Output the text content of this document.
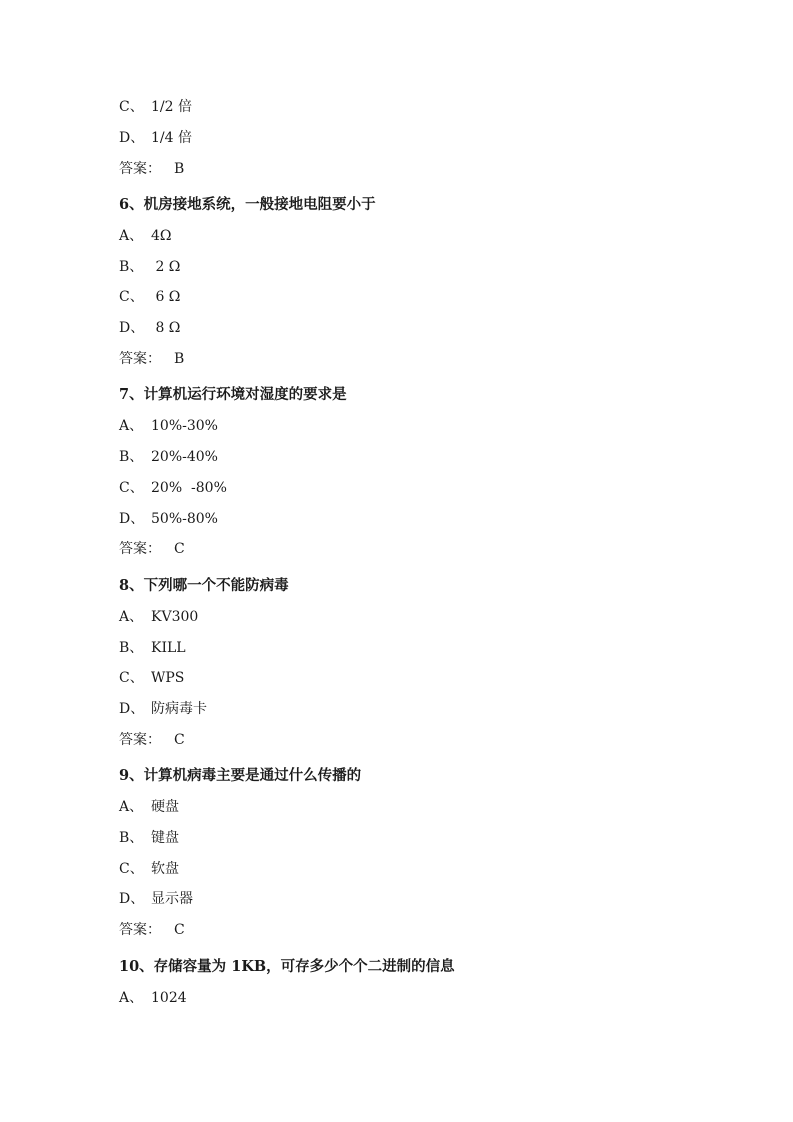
C、 1/2 倍
D、 1/4 倍
答案： B
6、机房接地系统，一般接地电阻要小于
A、 4Ω
B、 2 Ω
C、 6 Ω
D、 8 Ω
答案： B
7、计算机运行环境对湿度的要求是
A、 10%-30%
B、 20%-40%
C、 20%  -80%
D、 50%-80%
答案： C
8、下列哪一个不能防病毒
A、 KV300
B、 KILL
C、 WPS
D、 防病毒卡
答案： C
9、计算机病毒主要是通过什么传播的
A、 硬盘
B、 键盘
C、 软盘
D、 显示器
答案： C
10、存储容量为 1KB，可存多少个个二进制的信息
A、 1024
